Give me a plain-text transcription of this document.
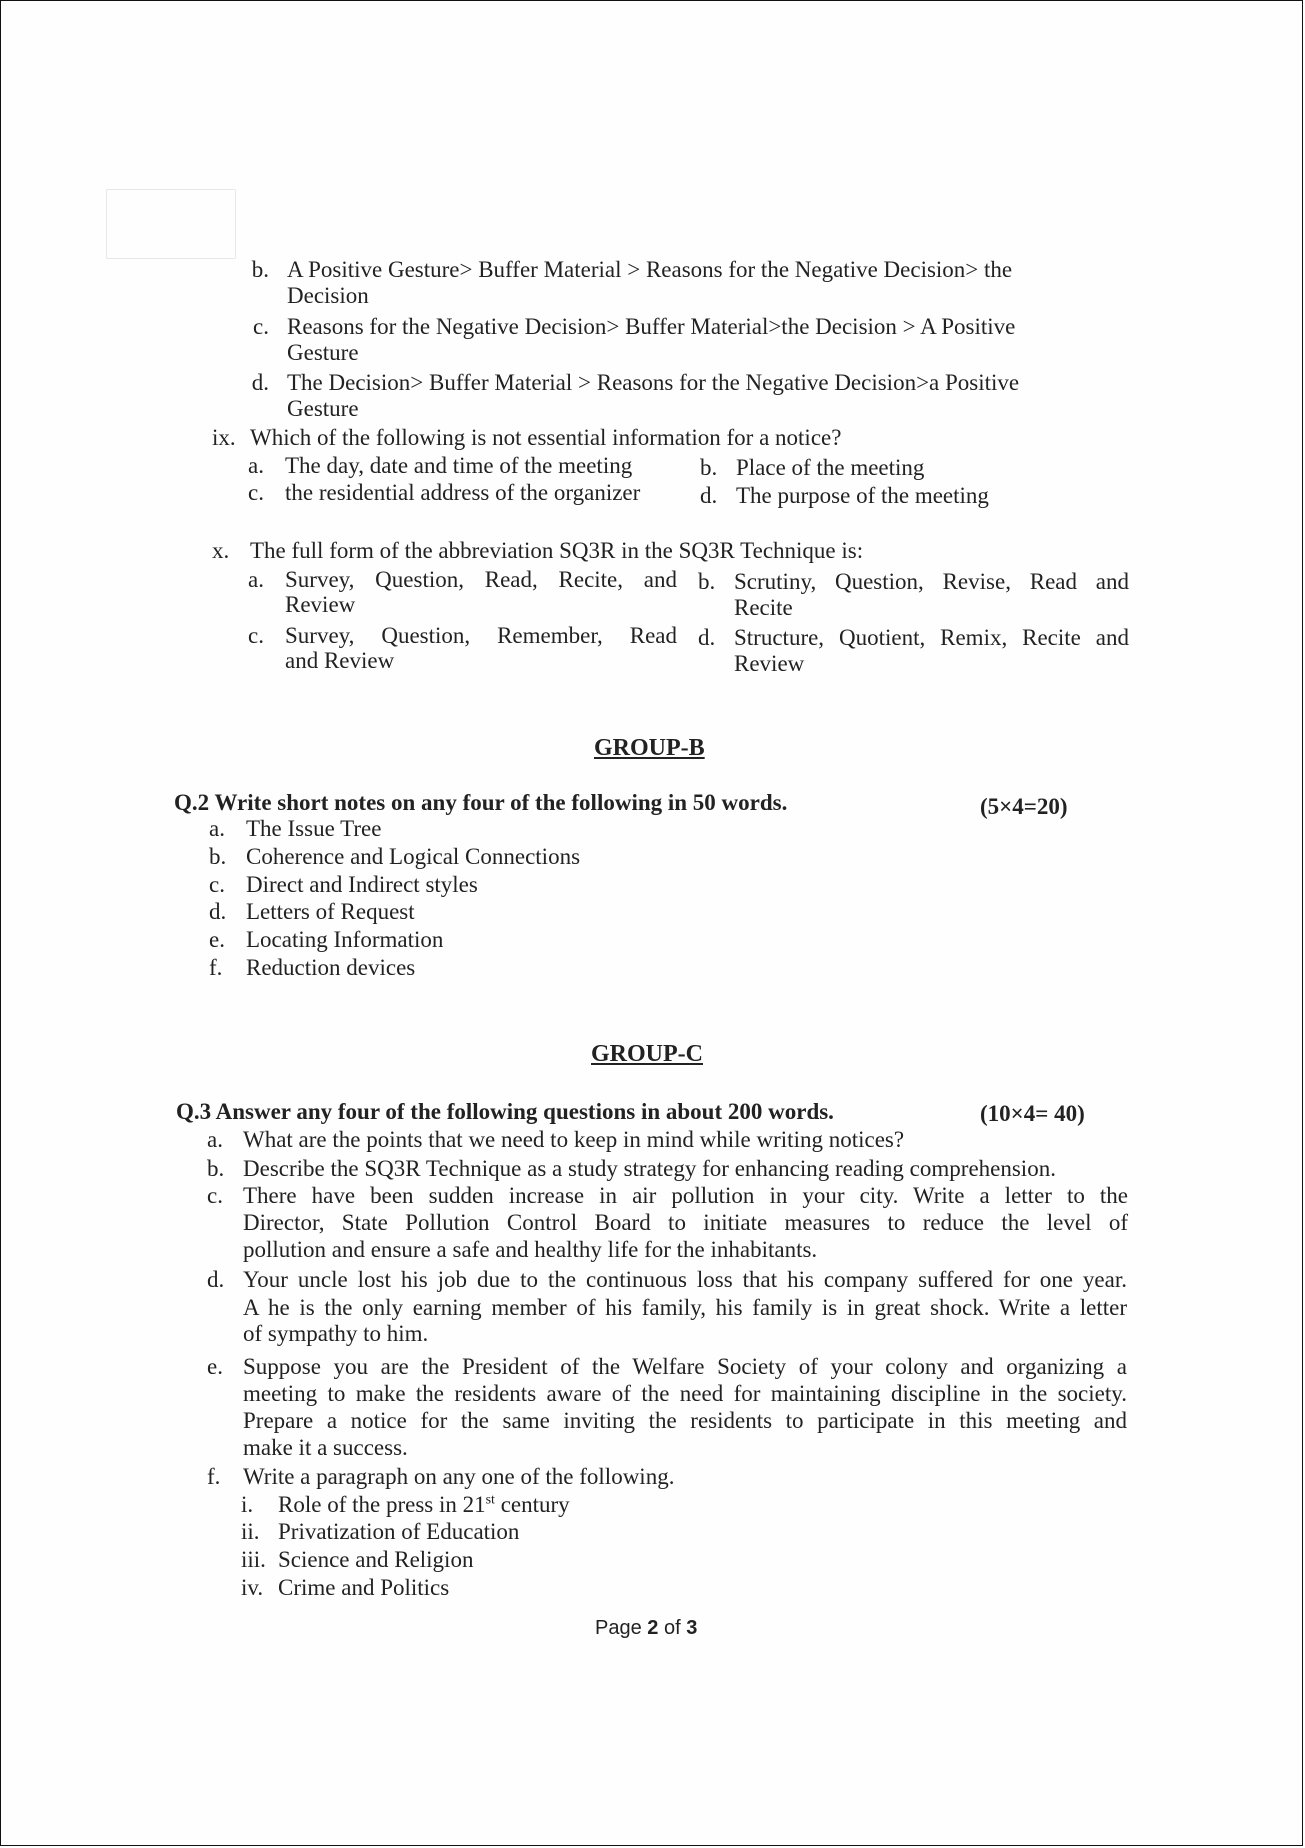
b. A Positive Gesture> Buffer Material > Reasons for the Negative Decision> the
Decision
c. Reasons for the Negative Decision> Buffer Material>the Decision > A Positive
Gesture
d. The Decision> Buffer Material > Reasons for the Negative Decision>a Positive
Gesture
ix. Which of the following is not essential information for a notice?
a. The day, date and time of the meeting	b. Place of the meeting
c. the residential address of the organizer	d. The purpose of the meeting
x. The full form of the abbreviation SQ3R in the SQ3R Technique is:
a. Survey, Question, Read, Recite, and
Review
b. Scrutiny, Question, Revise, Read and
Recite
c. Survey, Question, Remember, Read
and Review
d. Structure, Quotient, Remix, Recite and
Review
GROUP-B
Q.2 Write short notes on any four of the following in 50 words.	(5×4=20)
a. The Issue Tree
b. Coherence and Logical Connections
c. Direct and Indirect styles
d. Letters of Request
e. Locating Information
f. Reduction devices
GROUP-C
Q.3 Answer any four of the following questions in about 200 words.	(10×4= 40)
a. What are the points that we need to keep in mind while writing notices?
b. Describe the SQ3R Technique as a study strategy for enhancing reading comprehension.
c. There have been sudden increase in air pollution in your city. Write a letter to the
Director, State Pollution Control Board to initiate measures to reduce the level of
pollution and ensure a safe and healthy life for the inhabitants.
d. Your uncle lost his job due to the continuous loss that his company suffered for one year.
A he is the only earning member of his family, his family is in great shock. Write a letter
of sympathy to him.
e. Suppose you are the President of the Welfare Society of your colony and organizing a
meeting to make the residents aware of the need for maintaining discipline in the society.
Prepare a notice for the same inviting the residents to participate in this meeting and
make it a success.
f. Write a paragraph on any one of the following.
i. Role of the press in 21st century
ii. Privatization of Education
iii. Science and Religion
iv. Crime and Politics
Page 2 of 3
